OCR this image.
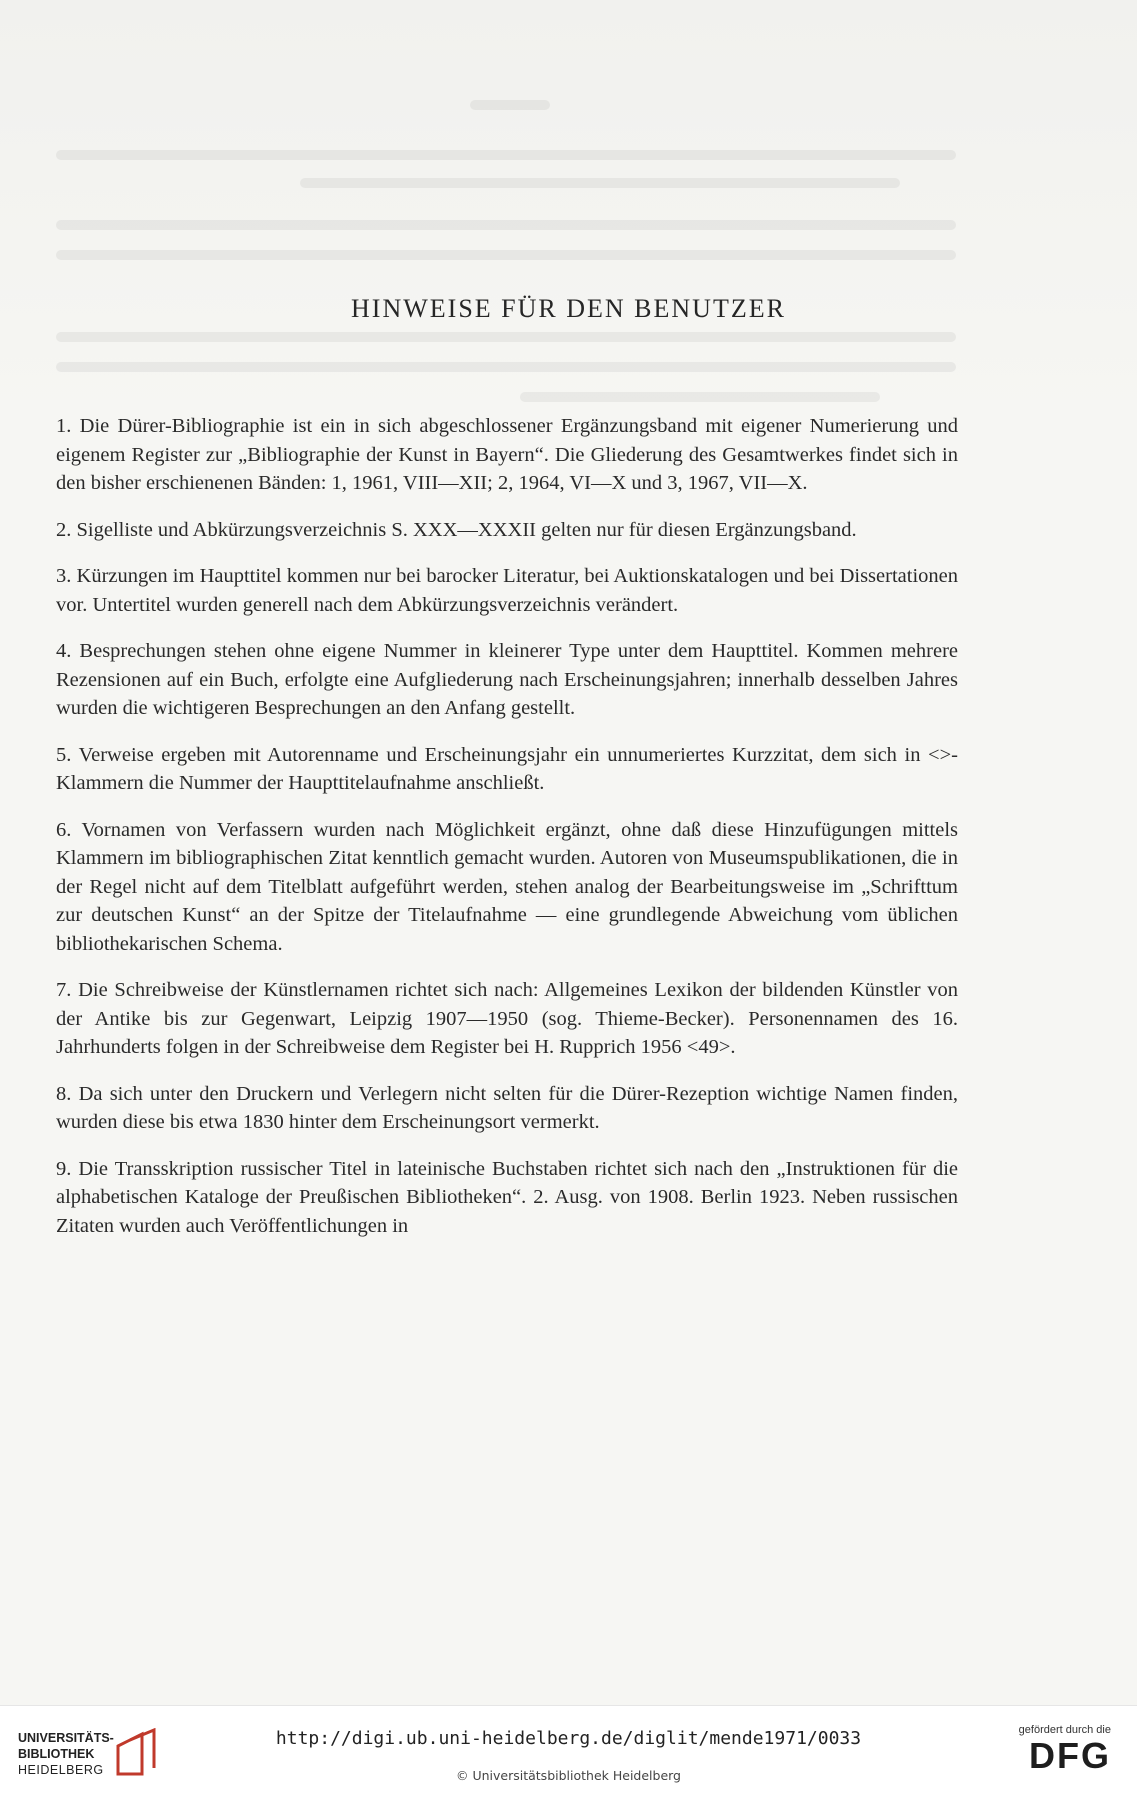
HINWEISE FÜR DEN BENUTZER

1. Die Dürer-Bibliographie ist ein in sich abgeschlossener Ergänzungsband mit eigener Numerierung und eigenem Register zur „Bibliographie der Kunst in Bayern“. Die Gliederung des Gesamtwerkes findet sich in den bisher erschienenen Bänden: 1, 1961, VIII—XII; 2, 1964, VI—X und 3, 1967, VII—X.

2. Sigelliste und Abkürzungsverzeichnis S. XXX—XXXII gelten nur für diesen Ergänzungsband.

3. Kürzungen im Haupttitel kommen nur bei barocker Literatur, bei Auktionskatalogen und bei Dissertationen vor. Untertitel wurden generell nach dem Abkürzungsverzeichnis verändert.

4. Besprechungen stehen ohne eigene Nummer in kleinerer Type unter dem Haupttitel. Kommen mehrere Rezensionen auf ein Buch, erfolgte eine Aufgliederung nach Erscheinungsjahren; innerhalb desselben Jahres wurden die wichtigeren Besprechungen an den Anfang gestellt.

5. Verweise ergeben mit Autorenname und Erscheinungsjahr ein unnumeriertes Kurzzitat, dem sich in <>-Klammern die Nummer der Haupttitelaufnahme anschließt.

6. Vornamen von Verfassern wurden nach Möglichkeit ergänzt, ohne daß diese Hinzufügungen mittels Klammern im bibliographischen Zitat kenntlich gemacht wurden. Autoren von Museumspublikationen, die in der Regel nicht auf dem Titelblatt aufgeführt werden, stehen analog der Bearbeitungsweise im „Schrifttum zur deutschen Kunst“ an der Spitze der Titelaufnahme — eine grundlegende Abweichung vom üblichen bibliothekarischen Schema.

7. Die Schreibweise der Künstlernamen richtet sich nach: Allgemeines Lexikon der bildenden Künstler von der Antike bis zur Gegenwart, Leipzig 1907—1950 (sog. Thieme-Becker). Personennamen des 16. Jahrhunderts folgen in der Schreibweise dem Register bei H. Rupprich 1956 <49>.

8. Da sich unter den Druckern und Verlegern nicht selten für die Dürer-Rezeption wichtige Namen finden, wurden diese bis etwa 1830 hinter dem Erscheinungsort vermerkt.

9. Die Transskription russischer Titel in lateinische Buchstaben richtet sich nach den „Instruktionen für die alphabetischen Kataloge der Preußischen Bibliotheken“. 2. Ausg. von 1908. Berlin 1923. Neben russischen Zitaten wurden auch Veröffentlichungen in

UNIVERSITÄTS-
BIBLIOTHEK
HEIDELBERG
http://digi.ub.uni-heidelberg.de/diglit/mende1971/0033
© Universitätsbibliothek Heidelberg
gefördert durch die
DFG
